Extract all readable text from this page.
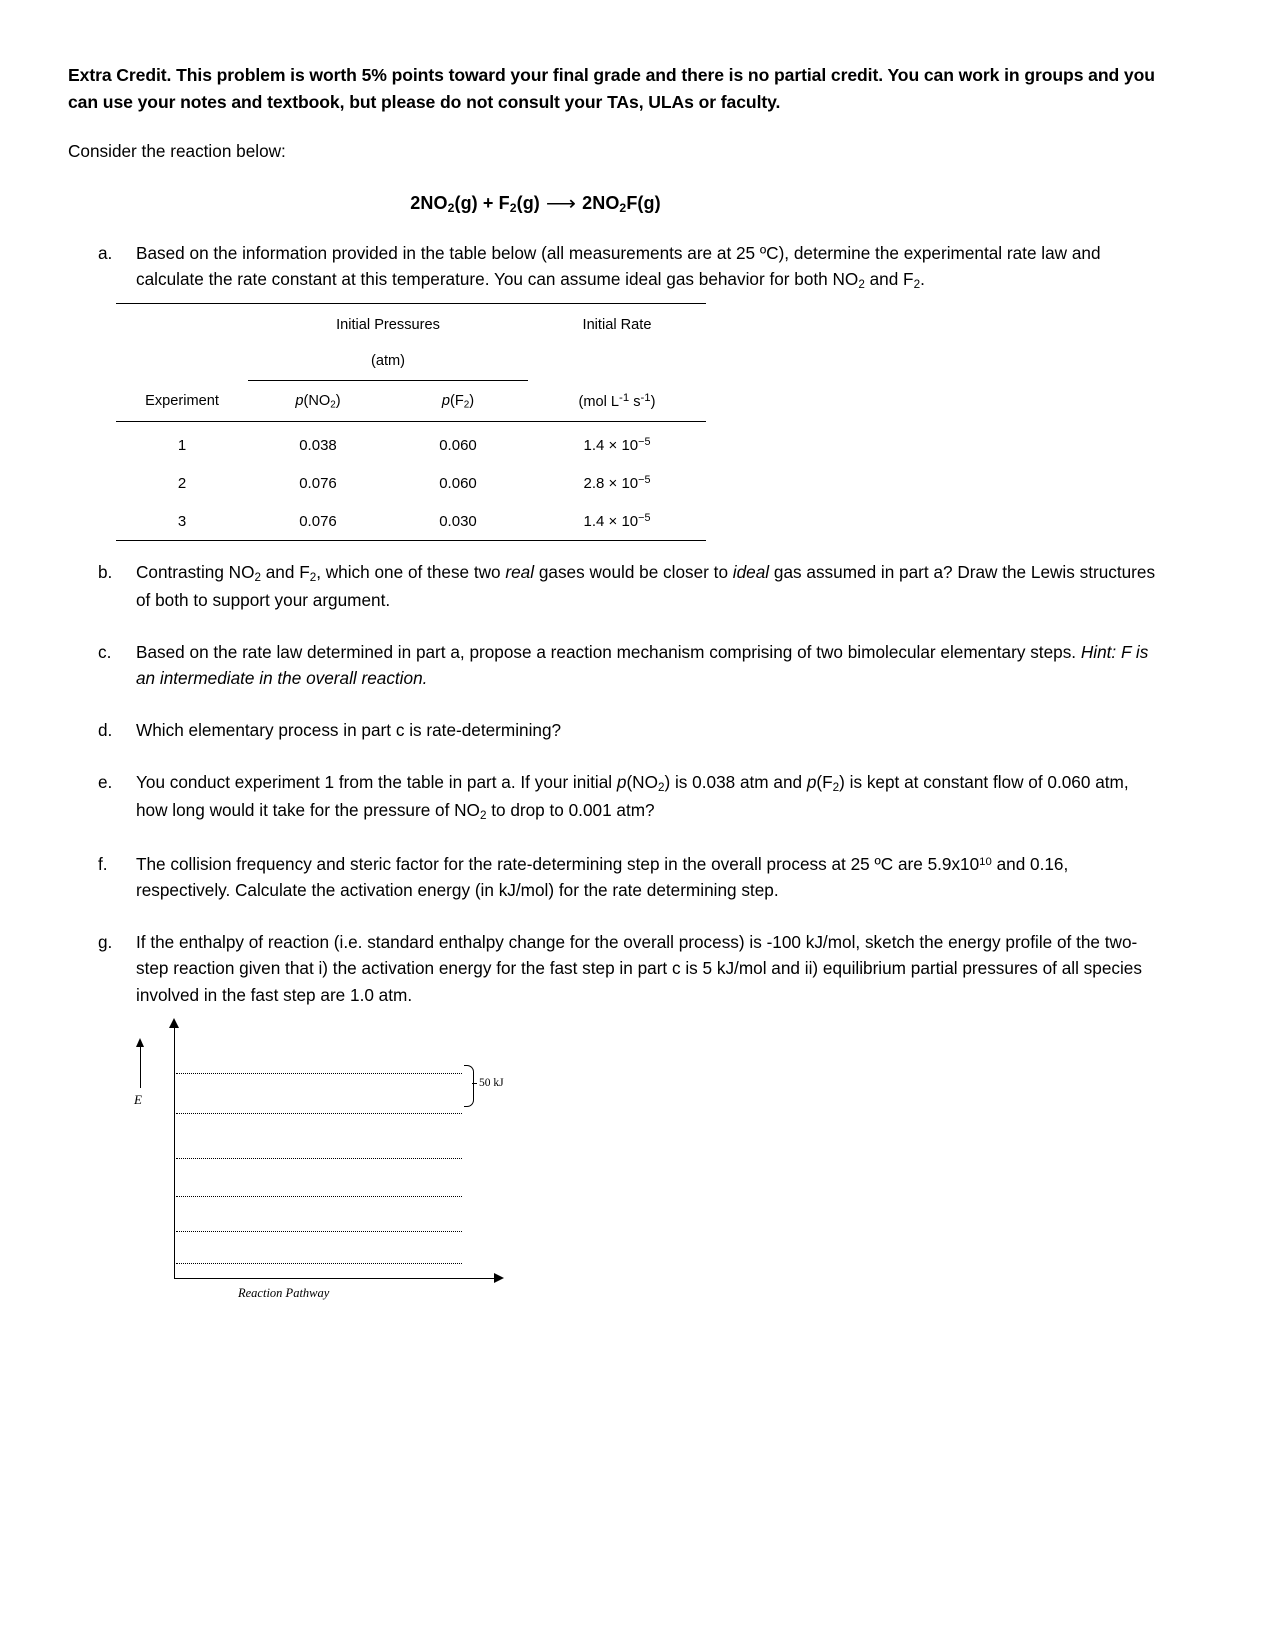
Extra Credit. This problem is worth 5% points toward your final grade and there is no partial credit. You can work in groups and you can use your notes and textbook, but please do not consult your TAs, ULAs or faculty.

Consider the reaction below:

$2NO_2(g) + F_2(g)$ ⟶ $2NO_2F(g)$

a.	Based on the information provided in the table below (all measurements are at 25 ºC), determine the experimental rate law and calculate the rate constant at this temperature. You can assume ideal gas behavior for both $NO_2$ and $F_2$.

	Initial Pressures		Initial Rate
	(atm)		
Experiment	$p(NO_2)$	$p(F_2)$	(mol $L^{-1}$ $s^{-1}$)

1	0.038	0.060	$1.4 \times 10^{-5}$
2	0.076	0.060	$2.8 \times 10^{-5}$
3	0.076	0.030	$1.4 \times 10^{-5}$

b.	Contrasting $NO_2$ and $F_2$, which one of these two real gases would be closer to ideal gas assumed in part a? Draw the Lewis structures of both to support your argument.
c.	Based on the rate law determined in part a, propose a reaction mechanism comprising of two bimolecular elementary steps. Hint: F is an intermediate in the overall reaction.
d.	Which elementary process in part c is rate-determining?
e.	You conduct experiment 1 from the table in part a. If your initial $p(NO_2)$ is 0.038 atm and $p(F_2)$ is kept at constant flow of 0.060 atm, how long would it take for the pressure of $NO_2$ to drop to 0.001 atm?
f.	The collision frequency and steric factor for the rate-determining step in the overall process at 25 ºC are $5.9x10^{10}$ and 0.16, respectively. Calculate the activation energy (in kJ/mol) for the rate determining step.
g.	If the enthalpy of reaction (i.e. standard enthalpy change for the overall process) is -100 kJ/mol, sketch the energy profile of the two-step reaction given that i) the activation energy for the fast step in part c is 5 kJ/mol and ii) equilibrium partial pressures of all species involved in the fast step are 1.0 atm.
E
50 kJ
Reaction Pathway
